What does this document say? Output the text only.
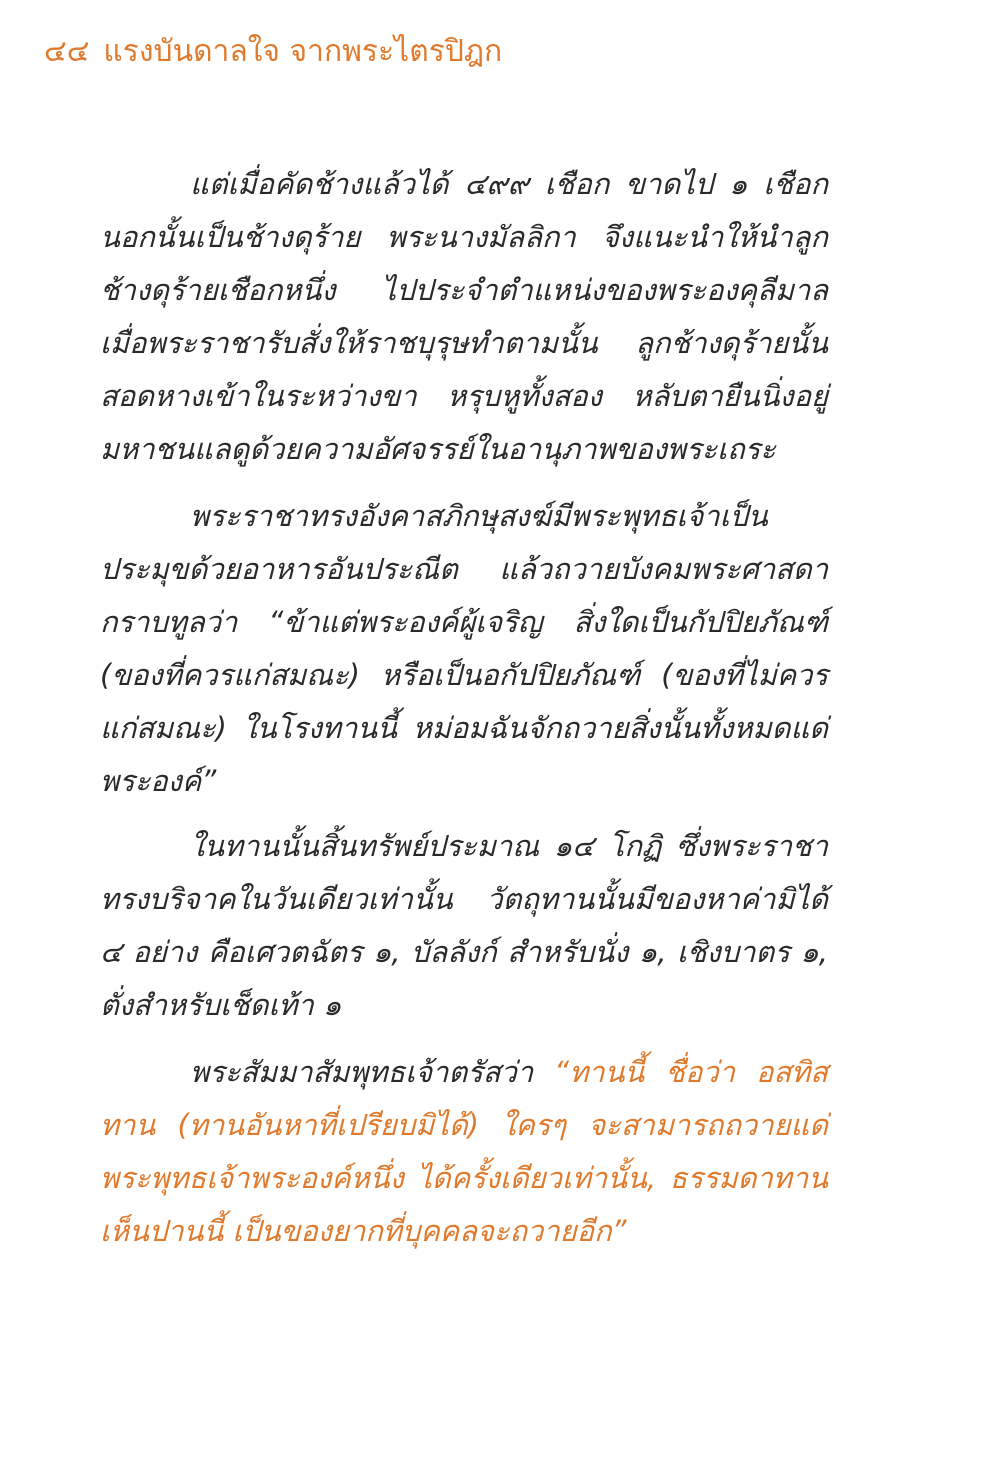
๔๔ แรงบันดาลใจ จากพระไตรปิฎก

แต่เมื่อคัดช้างแล้วได้ ๔๙๙ เชือก ขาดไป ๑ เชือก นอกนั้นเป็นช้างดุร้าย พระนางมัลลิกา จึงแนะนำให้นำลูกช้างดุร้ายเชือกหนึ่ง ไปประจำตำแหน่งของพระองคุลีมาล เมื่อพระราชารับสั่งให้ราชบุรุษทำตามนั้น ลูกช้างดุร้ายนั้นสอดหางเข้าในระหว่างขา หรุบหูทั้งสอง หลับตายืนนิ่งอยู่ มหาชนแลดูด้วยความอัศจรรย์ในอานุภาพของพระเถระ

พระราชาทรงอังคาสภิกษุสงฆ์มีพระพุทธเจ้าเป็นประมุขด้วยอาหารอันประณีต แล้วถวายบังคมพระศาสดา กราบทูลว่า “ข้าแต่พระองค์ผู้เจริญ สิ่งใดเป็นกัปปิยภัณฑ์ (ของที่ควรแก่สมณะ) หรือเป็นอกัปปิยภัณฑ์ (ของที่ไม่ควรแก่สมณะ) ในโรงทานนี้ หม่อมฉันจักถวายสิ่งนั้นทั้งหมดแด่พระองค์”

ในทานนั้นสิ้นทรัพย์ประมาณ ๑๔ โกฏิ ซึ่งพระราชาทรงบริจาคในวันเดียวเท่านั้น วัตถุทานนั้นมีของหาค่ามิได้ ๔ อย่าง คือเศวตฉัตร ๑, บัลลังก์ สำหรับนั่ง ๑, เชิงบาตร ๑, ตั่งสำหรับเช็ดเท้า ๑

พระสัมมาสัมพุทธเจ้าตรัสว่า “ทานนี้ ชื่อว่า อสทิสทาน (ทานอันหาที่เปรียบมิได้) ใครๆ จะสามารถถวายแด่พระพุทธเจ้าพระองค์หนึ่ง ได้ครั้งเดียวเท่านั้น, ธรรมดาทานเห็นปานนี้ เป็นของยากที่บุคคลจะถวายอีก”
